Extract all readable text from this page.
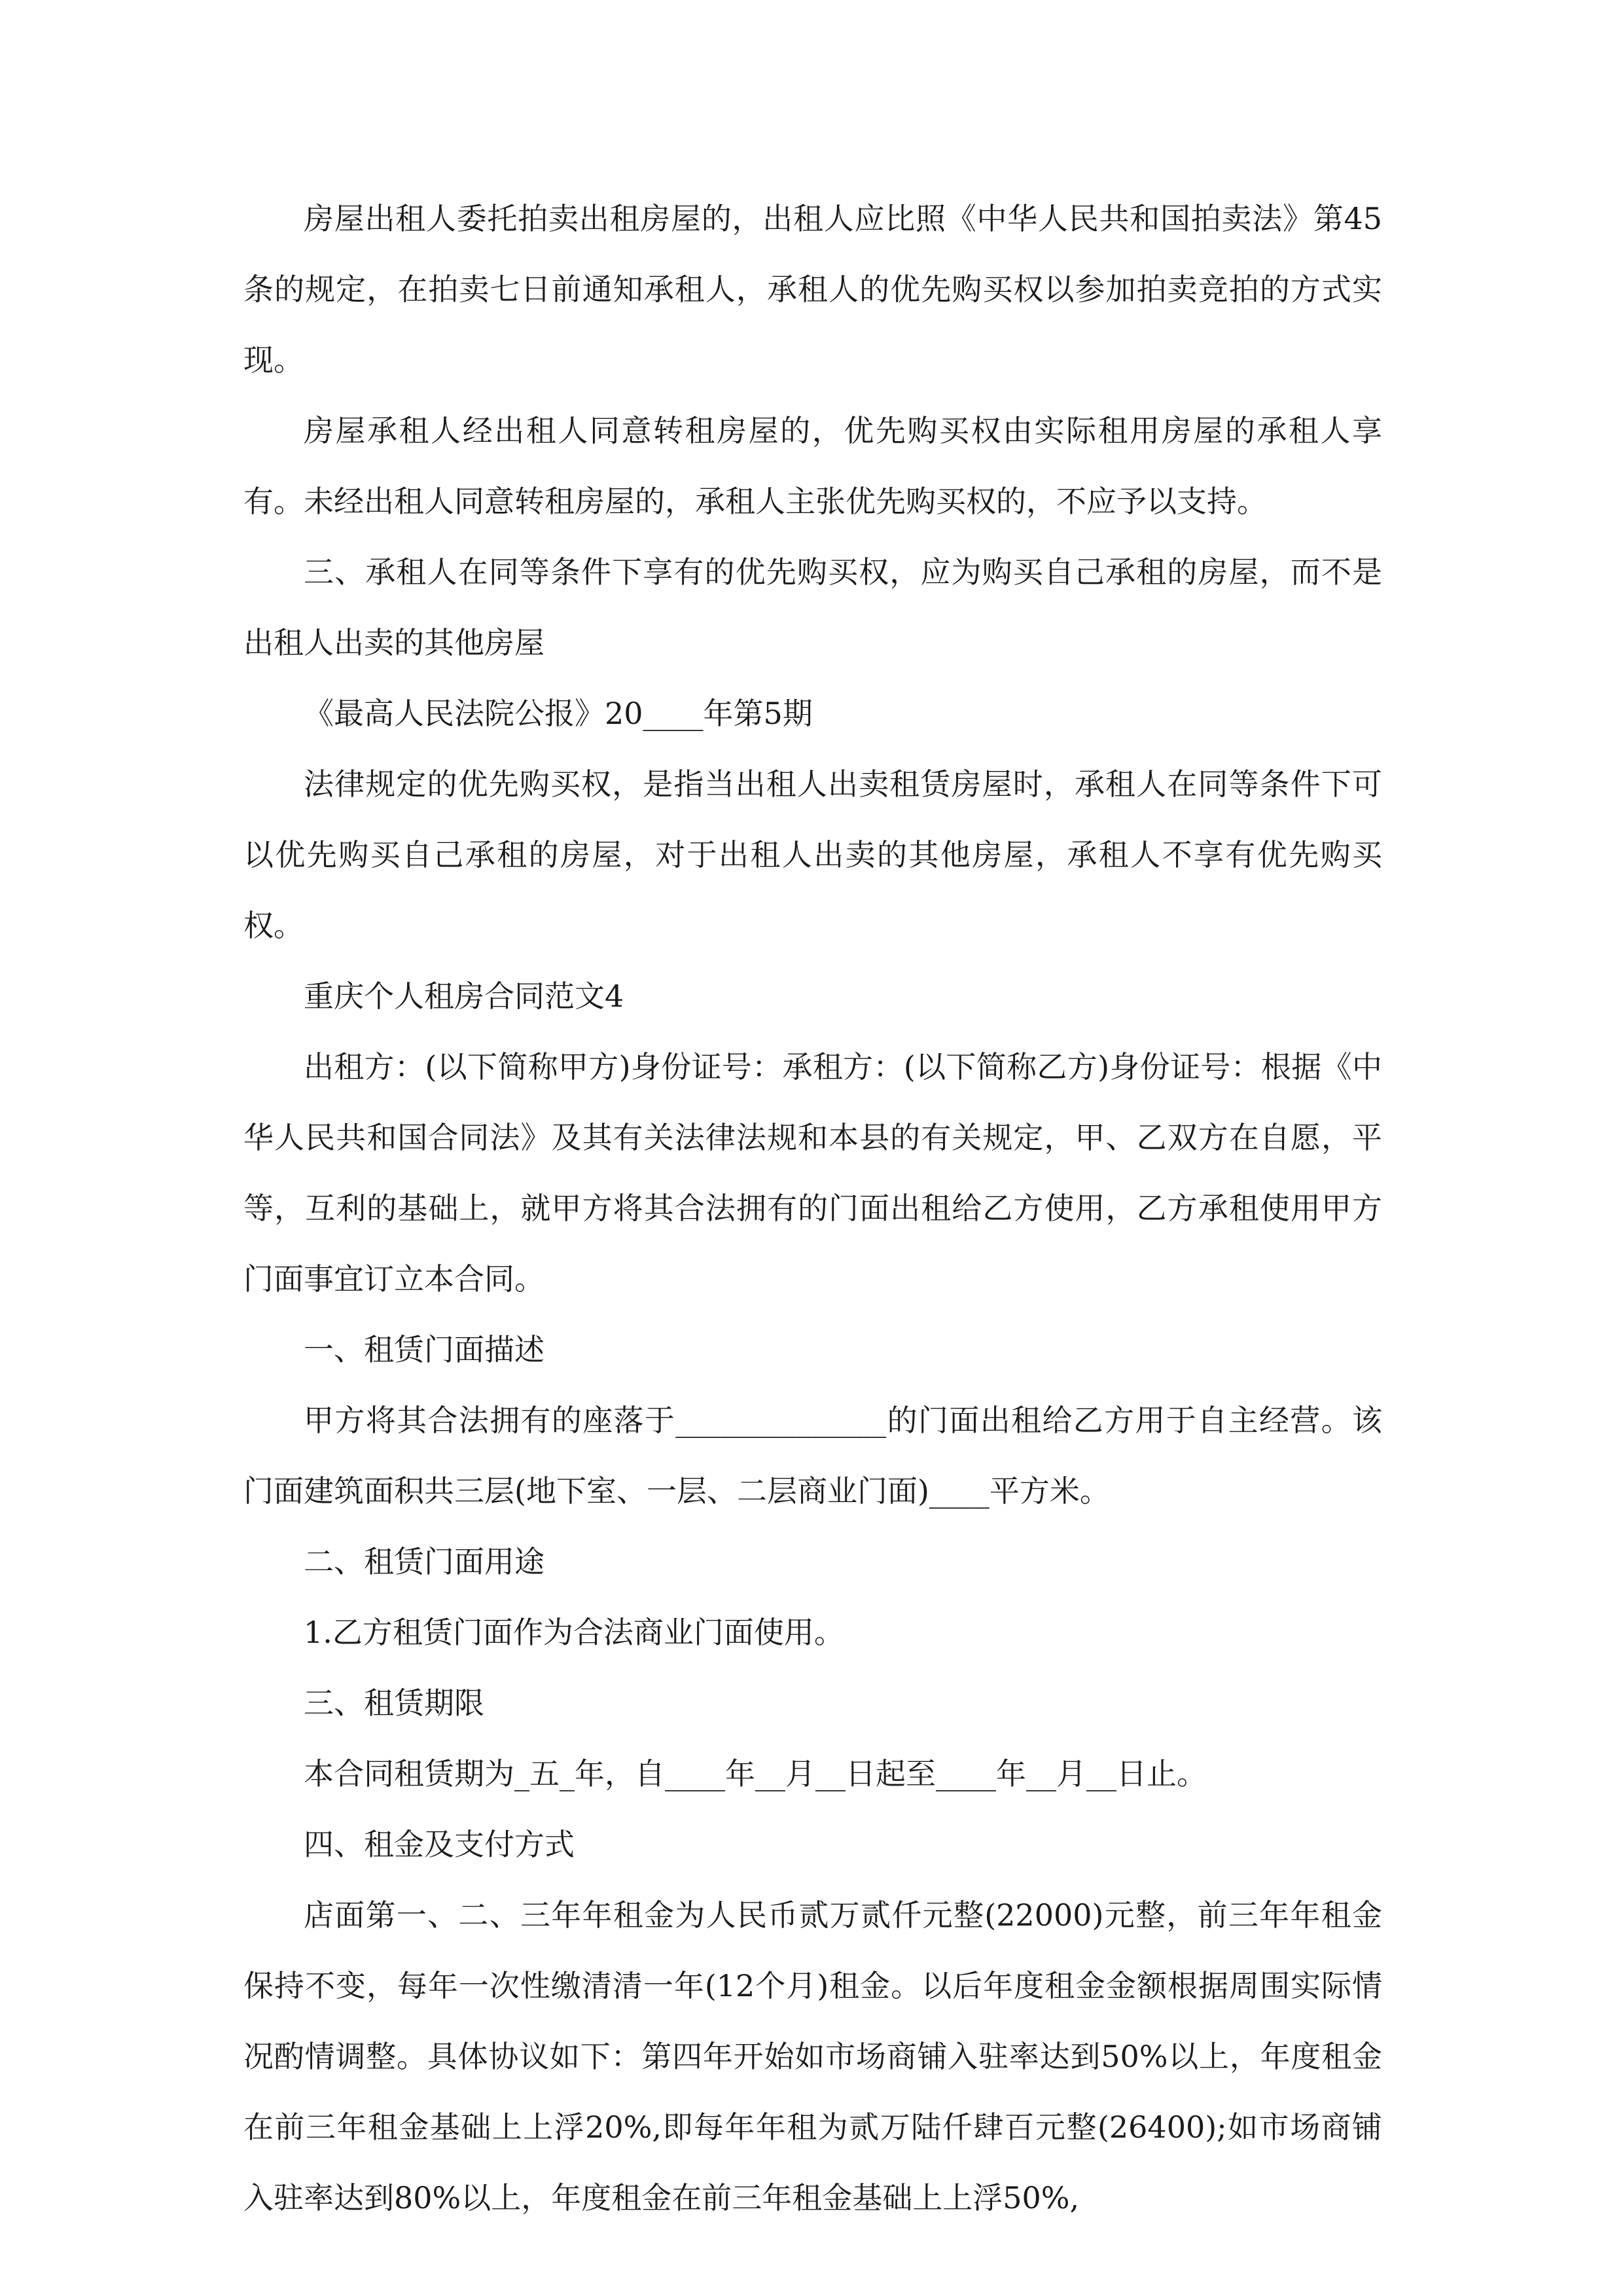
房屋出租人委托拍卖出租房屋的，出租人应比照《中华人民共和国拍卖法》第45条的规定，在拍卖七日前通知承租人，承租人的优先购买权以参加拍卖竞拍的方式实现。

房屋承租人经出租人同意转租房屋的，优先购买权由实际租用房屋的承租人享有。未经出租人同意转租房屋的，承租人主张优先购买权的，不应予以支持。

三、承租人在同等条件下享有的优先购买权，应为购买自己承租的房屋，而不是出租人出卖的其他房屋

《最高人民法院公报》20____年第5期

法律规定的优先购买权，是指当出租人出卖租赁房屋时，承租人在同等条件下可以优先购买自己承租的房屋，对于出租人出卖的其他房屋，承租人不享有优先购买权。

重庆个人租房合同范文4

出租方：(以下简称甲方)身份证号：承租方：(以下简称乙方)身份证号：根据《中华人民共和国合同法》及其有关法律法规和本县的有关规定，甲、乙双方在自愿，平等，互利的基础上，就甲方将其合法拥有的门面出租给乙方使用，乙方承租使用甲方门面事宜订立本合同。

一、租赁门面描述

甲方将其合法拥有的座落于______________的门面出租给乙方用于自主经营。该门面建筑面积共三层(地下室、一层、二层商业门面)____平方米。

二、租赁门面用途

1.乙方租赁门面作为合法商业门面使用。

三、租赁期限

本合同租赁期为_五_年，自____年__月__日起至____年__月__日止。

四、租金及支付方式

店面第一、二、三年年租金为人民币贰万贰仟元整(22000)元整，前三年年租金保持不变，每年一次性缴清清一年(12个月)租金。以后年度租金金额根据周围实际情况酌情调整。具体协议如下：第四年开始如市场商铺入驻率达到50%以上，年度租金在前三年租金基础上上浮20%,即每年年租为贰万陆仟肆百元整(26400);如市场商铺入驻率达到80%以上，年度租金在前三年租金基础上上浮50%,
